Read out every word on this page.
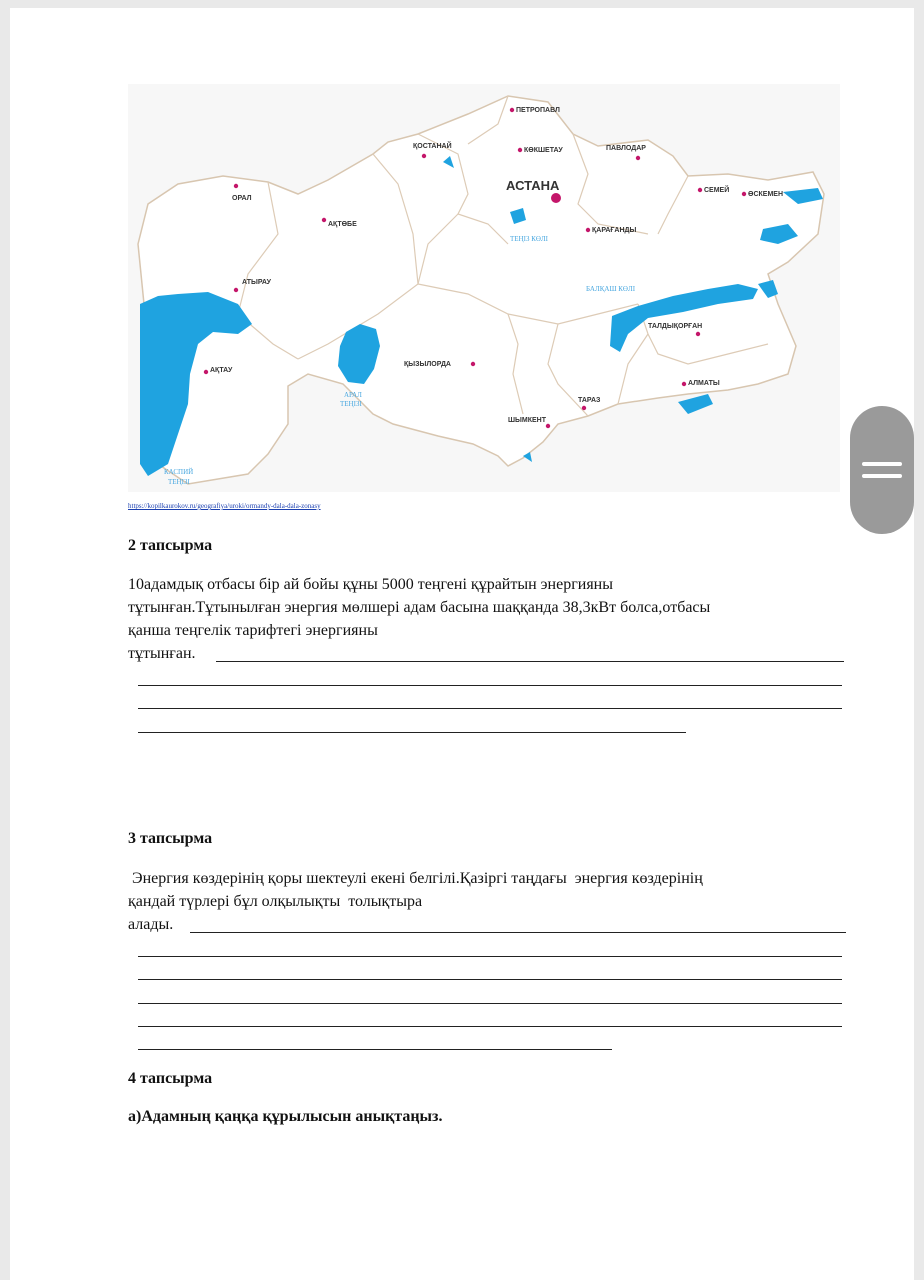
ПЕТРОПАВЛ
ҚОСТАНАЙ
КӨКШЕТАУ	ПАВЛОДАР
АСТАНА	СЕМЕЙ
ӨСКЕМЕН
ОРАЛ
АҚТӨБЕ
ҚАРАҒАНДЫ
АТЫРАУ
ТАЛДЫҚОРҒАН
ҚЫЗЫЛОРДА
АҚТАУ
АЛМАТЫ
ТАРАЗ
ШЫМКЕНТ
ТЕҢІЗ КӨЛІ
БАЛҚАШ КӨЛІ
АРАЛ
ТЕҢІЗІ
КАСПИЙ
ТЕҢІЗІ
https://kopilkaurokov.ru/geografiya/uroki/ormandy-dala-dala-zonasy
2 тапсырма
10адамдық отбасы бір ай бойы құны 5000 теңгені құрайтын энергияны
тұтынған.Тұтынылған энергия мөлшері адам басына шаққанда 38,3кВт болса,отбасы
қанша теңгелік тарифтегі энергияны
тұтынған.
3 тапсырма
Энергия көздерінің қоры шектеулі екені белгілі.Қазіргі таңдағы  энергия көздерінің
қандай түрлері бұл олқылықты  толықтыра
алады.
4 тапсырма
а)Адамның қаңқа құрылысын анықтаңыз.
